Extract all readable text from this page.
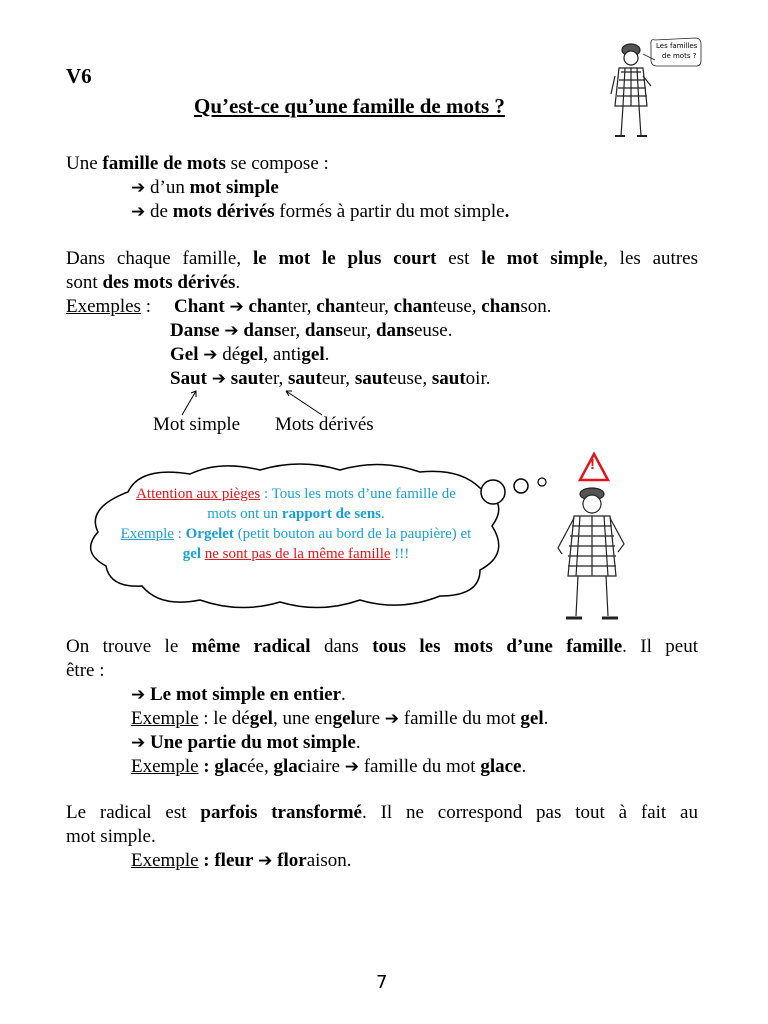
V6
Qu’est-ce qu’une famille de mots ?
Les familles
de mots ?
Une famille de mots se compose :
➔ d’un mot simple
➔ de mots dérivés formés à partir du mot simple.
Dans chaque famille, le mot le plus court est le mot simple, les autres
sont des mots dérivés.
Exemples : Chant ➔ chanter, chanteur, chanteuse, chanson.
Danse ➔ danser, danseur, danseuse.
Gel ➔ dégel, antigel.
Saut ➔ sauter, sauteur, sauteuse, sautoir.
Mot simple Mots dérivés
Attention aux pièges : Tous les mots d’une famille de mots ont un rapport de sens.
Exemple : Orgelet (petit bouton au bord de la paupière) et gel ne sont pas de la même famille !!!
!
On trouve le même radical dans tous les mots d’une famille. Il peut
être :
➔ Le mot simple en entier.
Exemple : le dégel, une engelure ➔ famille du mot gel.
➔ Une partie du mot simple.
Exemple : glacée, glaciaire ➔ famille du mot glace.
Le radical est parfois transformé. Il ne correspond pas tout à fait au
mot simple.
Exemple : fleur ➔ floraison.
7
